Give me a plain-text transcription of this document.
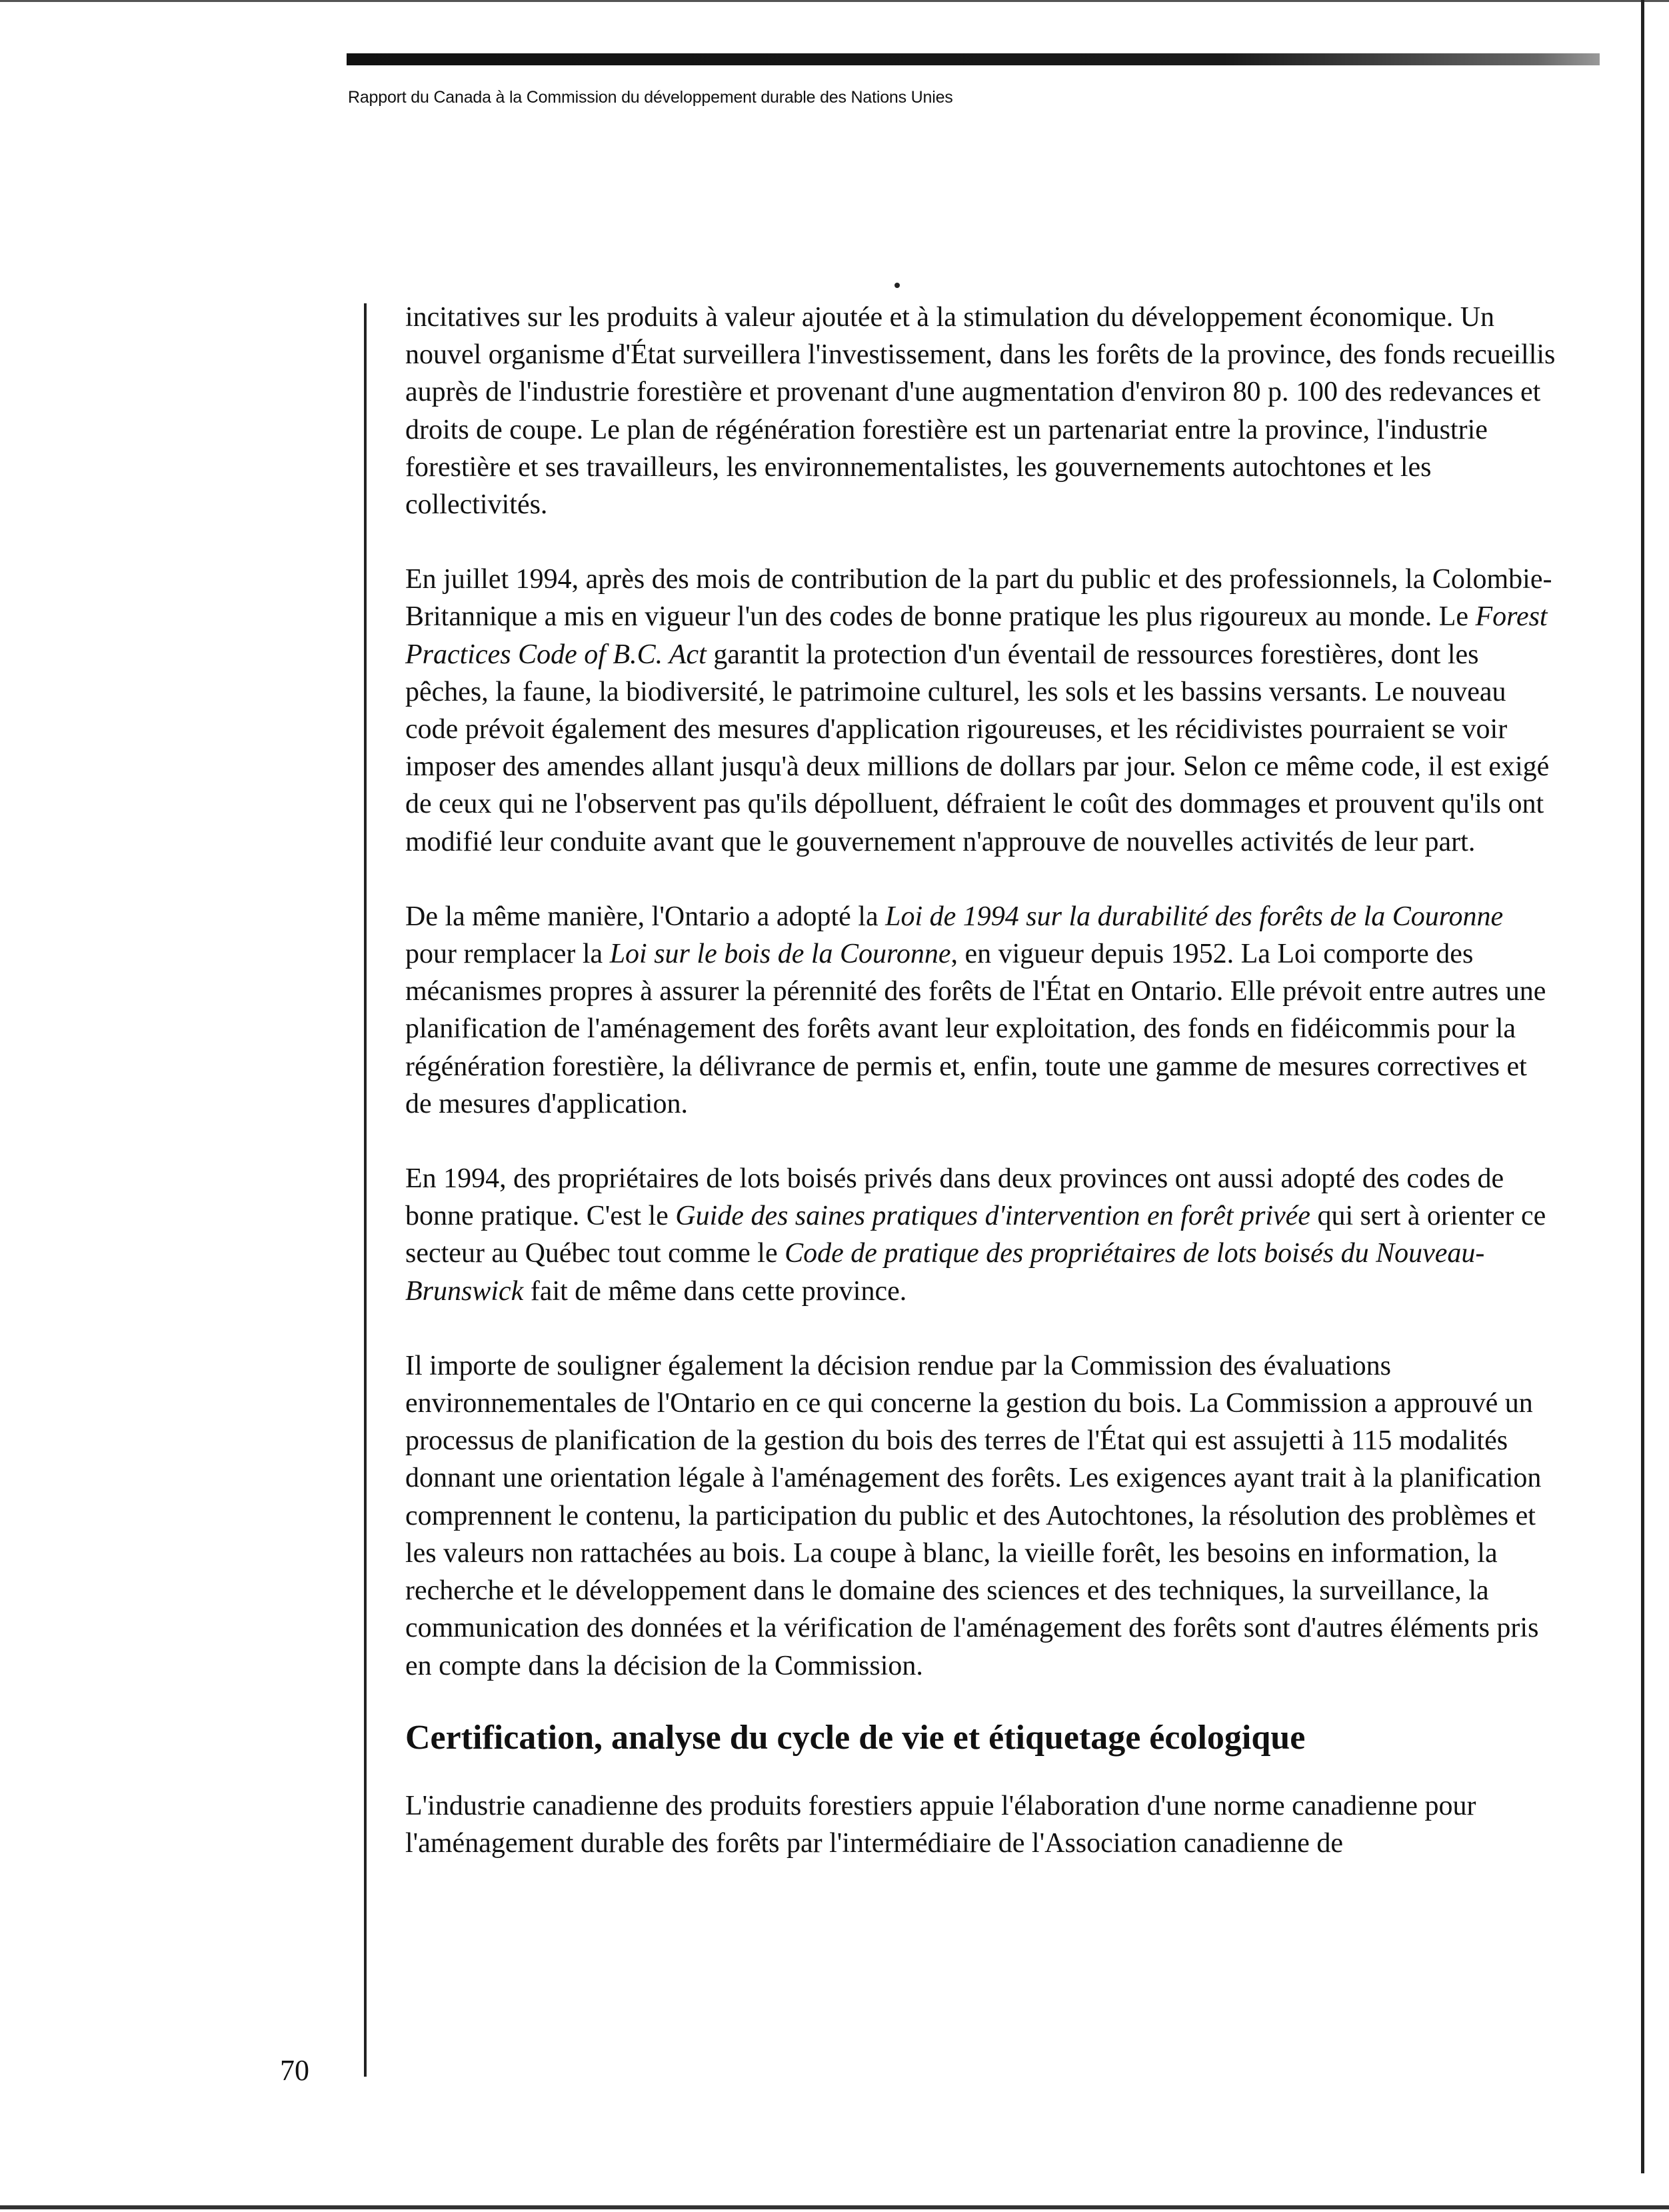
Rapport du Canada à la Commission du développement durable des Nations Unies

incitatives sur les produits à valeur ajoutée et à la stimulation du développement économique. Un nouvel organisme d'État surveillera l'investissement, dans les forêts de la province, des fonds recueillis auprès de l'industrie forestière et provenant d'une augmentation d'environ 80 p. 100 des redevances et droits de coupe. Le plan de régénération forestière est un partenariat entre la province, l'industrie forestière et ses travailleurs, les environnementalistes, les gouvernements autochtones et les collectivités.

En juillet 1994, après des mois de contribution de la part du public et des professionnels, la Colombie-Britannique a mis en vigueur l'un des codes de bonne pratique les plus rigoureux au monde. Le Forest Practices Code of B.C. Act garantit la protection d'un éventail de ressources forestières, dont les pêches, la faune, la biodiversité, le patrimoine culturel, les sols et les bassins versants. Le nouveau code prévoit également des mesures d'application rigoureuses, et les récidivistes pourraient se voir imposer des amendes allant jusqu'à deux millions de dollars par jour. Selon ce même code, il est exigé de ceux qui ne l'observent pas qu'ils dépolluent, défraient le coût des dommages et prouvent qu'ils ont modifié leur conduite avant que le gouvernement n'approuve de nouvelles activités de leur part.

De la même manière, l'Ontario a adopté la Loi de 1994 sur la durabilité des forêts de la Couronne pour remplacer la Loi sur le bois de la Couronne, en vigueur depuis 1952. La Loi comporte des mécanismes propres à assurer la pérennité des forêts de l'État en Ontario. Elle prévoit entre autres une planification de l'aménagement des forêts avant leur exploitation, des fonds en fidéicommis pour la régénération forestière, la délivrance de permis et, enfin, toute une gamme de mesures correctives et de mesures d'application.

En 1994, des propriétaires de lots boisés privés dans deux provinces ont aussi adopté des codes de bonne pratique. C'est le Guide des saines pratiques d'intervention en forêt privée qui sert à orienter ce secteur au Québec tout comme le Code de pratique des propriétaires de lots boisés du Nouveau-Brunswick fait de même dans cette province.

Il importe de souligner également la décision rendue par la Commission des évaluations environnementales de l'Ontario en ce qui concerne la gestion du bois. La Commission a approuvé un processus de planification de la gestion du bois des terres de l'État qui est assujetti à 115 modalités donnant une orientation légale à l'aménagement des forêts. Les exigences ayant trait à la planification comprennent le contenu, la participation du public et des Autochtones, la résolution des problèmes et les valeurs non rattachées au bois. La coupe à blanc, la vieille forêt, les besoins en information, la recherche et le développement dans le domaine des sciences et des techniques, la surveillance, la communication des données et la vérification de l'aménagement des forêts sont d'autres éléments pris en compte dans la décision de la Commission.

Certification, analyse du cycle de vie et étiquetage écologique

L'industrie canadienne des produits forestiers appuie l'élaboration d'une norme canadienne pour l'aménagement durable des forêts par l'intermédiaire de l'Association canadienne de

70
